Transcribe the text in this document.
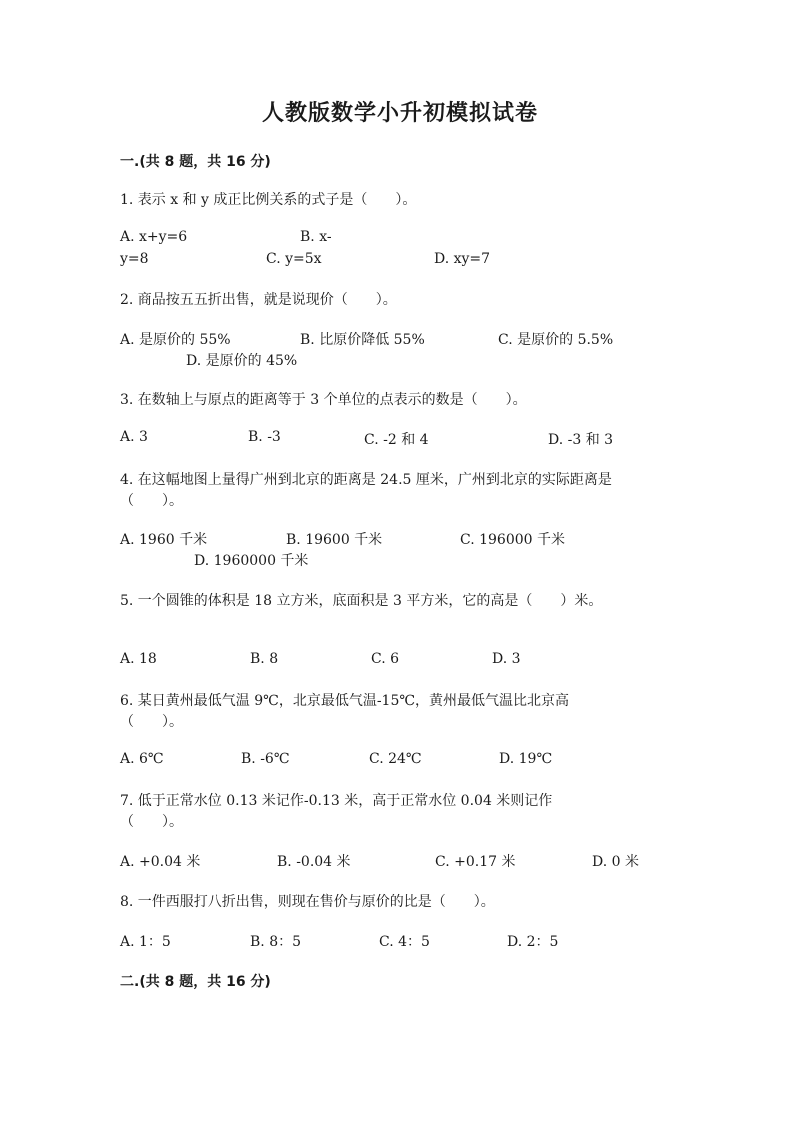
人教版数学小升初模拟试卷
一.(共 8 题，共 16 分)
1. 表示 x 和 y 成正比例关系的式子是（　　）。
A. x+y=6	B. x-
y=8	C. y=5x	D. xy=7
2. 商品按五五折出售，就是说现价（　　）。
A. 是原价的 55%	B. 比原价降低 55%	C. 是原价的 5.5%
D. 是原价的 45%
3. 在数轴上与原点的距离等于 3 个单位的点表示的数是（　　）。
A. 3	B. -3	C. -2 和 4	D. -3 和 3
4. 在这幅地图上量得广州到北京的距离是 24.5 厘米，广州到北京的实际距离是
（　　）。
A. 1960 千米	B. 19600 千米	C. 196000 千米
D. 1960000 千米
5. 一个圆锥的体积是 18 立方米，底面积是 3 平方米，它的高是（　　）米。
A. 18	B. 8	C. 6	D. 3
6. 某日黄州最低气温 9℃，北京最低气温-15℃，黄州最低气温比北京高
（　　）。
A. 6℃	B. -6℃	C. 24℃	D. 19℃
7. 低于正常水位 0.13 米记作-0.13 米，高于正常水位 0.04 米则记作
（　　）。
A. +0.04 米	B. -0.04 米	C. +0.17 米	D. 0 米
8. 一件西服打八折出售，则现在售价与原价的比是（　　）。
A. 1：5	B. 8：5	C. 4：5	D. 2：5
二.(共 8 题，共 16 分)
